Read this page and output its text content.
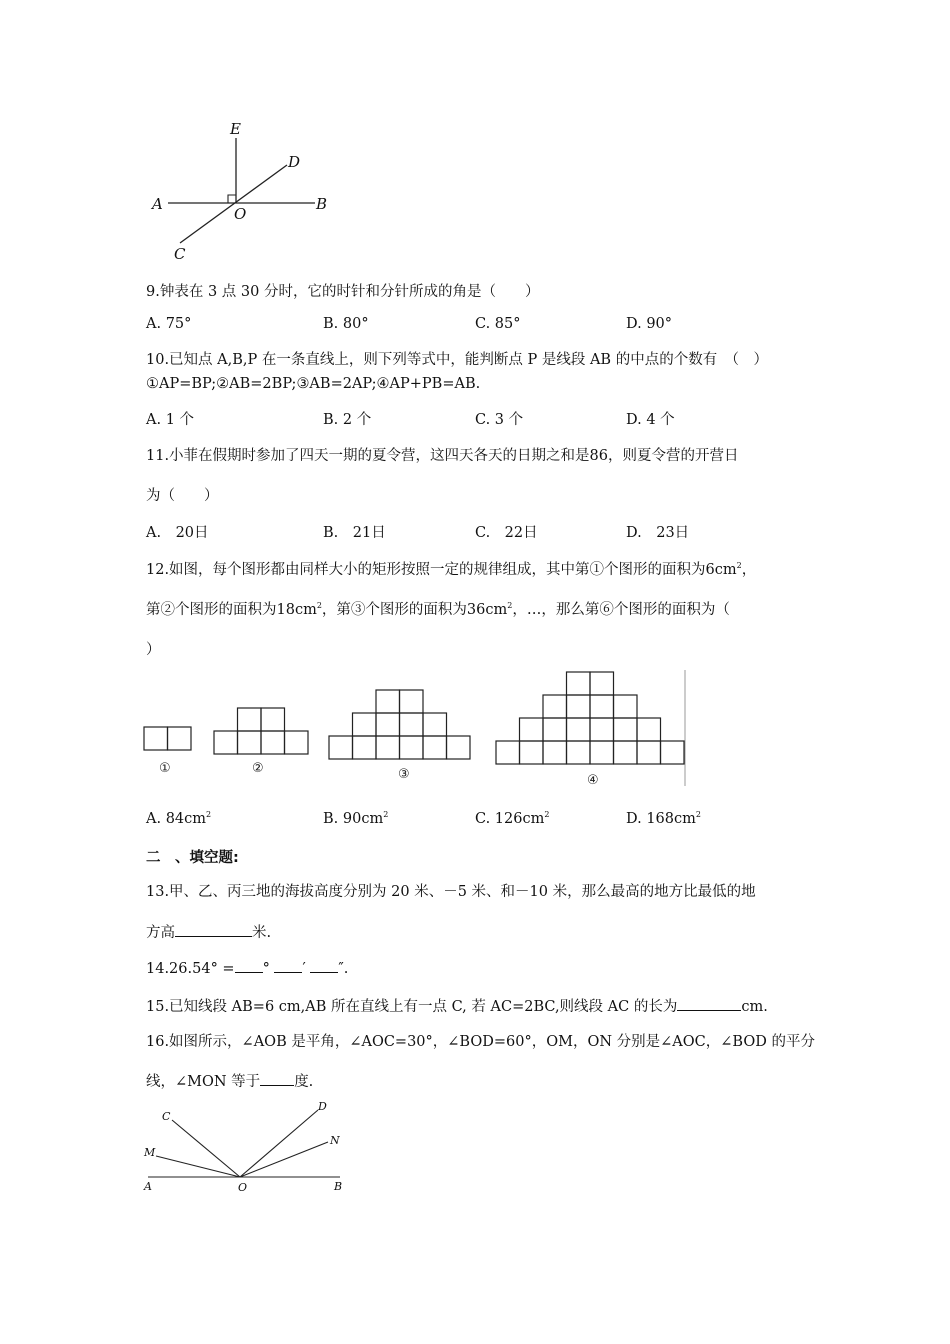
E
D
A
O
B
C
9.钟表在 3 点 30 分时，它的时针和分针所成的角是（　　）
A. 75°	B. 80°	C. 85°	D. 90°
10.已知点 A,B,P 在一条直线上，则下列等式中，能判断点 P 是线段 AB 的中点的个数有　（　）
①AP=BP;②AB=2BP;③AB=2AP;④AP+PB=AB.
A. 1 个	B. 2 个	C. 3 个	D. 4 个
11.小菲在假期时参加了四天一期的夏令营，这四天各天的日期之和是86，则夏令营的开营日
为（　　）
A.　20日	B.　21日	C.　22日	D.　23日
12.如图，每个图形都由同样大小的矩形按照一定的规律组成，其中第①个图形的面积为$6cm^2$，
第②个图形的面积为$18cm^2$，第③个图形的面积为$36cm^2$，…，那么第⑥个图形的面积为（
）
①	②	③	④
A. $84cm^2$	B. $90cm^2$	C. $126cm^2$	D. $168cm^2$
二　、填空题:
13.甲、乙、丙三地的海拔高度分别为 20 米、－5 米、和－10 米，那么最高的地方比最低的地
方高	米.
14.26.54° = ° ′ ″.
15.已知线段 AB=6 cm,AB 所在直线上有一点 C, 若 AC=2BC,则线段 AC 的长为	cm.
16.如图所示，∠AOB 是平角，∠AOC=30°，∠BOD=60°，OM，ON 分别是∠AOC，∠BOD 的平分
线，∠MON 等于 度.
C
D
M
N
A	O	B
